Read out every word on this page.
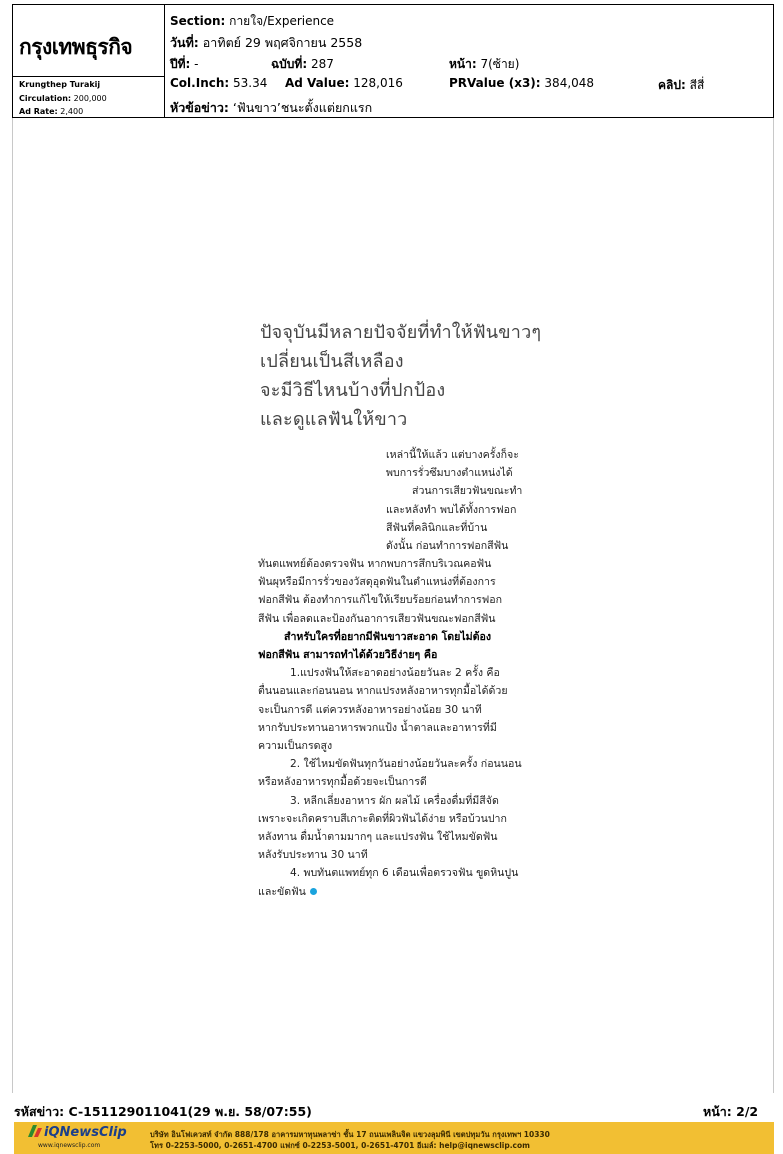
กรุงเทพธุรกิจ
Krungthep Turakij
Circulation: 200,000
Ad Rate: 2,400
Section: กายใจ/Experience
วันที่: อาทิตย์ 29 พฤศจิกายน 2558
ปีที่: -	ฉบับที่: 287	หน้า: 7(ซ้าย)
Col.Inch: 53.34 Ad Value: 128,016	PRValue (x3): 384,048	คลิป: สีสี่
หัวข้อข่าว: ‘ฟันขาว’ชนะตั้งแต่ยกแรก
ปัจจุบันมีหลายปัจจัยที่ทำให้ฟันขาวๆ
เปลี่ยนเป็นสีเหลือง
จะมีวิธีไหนบ้างที่ปกป้อง
และดูแลฟันให้ขาว
เหล่านี้ให้แล้ว แต่บางครั้งก็จะ
พบการรั่วซึมบางตำแหน่งได้
ส่วนการเสียวฟันขณะทำ
และหลังทำ พบได้ทั้งการฟอก
สีฟันที่คลินิกและที่บ้าน
ดังนั้น ก่อนทำการฟอกสีฟัน
ทันตแพทย์ต้องตรวจฟัน หากพบการสึกบริเวณคอฟัน
ฟันผุหรือมีการรั่วของวัสดุอุดฟันในตำแหน่งที่ต้องการ
ฟอกสีฟัน ต้องทำการแก้ไขให้เรียบร้อยก่อนทำการฟอก
สีฟัน เพื่อลดและป้องกันอาการเสียวฟันขณะฟอกสีฟัน
สำหรับใครที่อยากมีฟันขาวสะอาด โดยไม่ต้อง
ฟอกสีฟัน สามารถทำได้ด้วยวิธีง่ายๆ คือ
1.แปรงฟันให้สะอาดอย่างน้อยวันละ 2 ครั้ง คือ
ตื่นนอนและก่อนนอน หากแปรงหลังอาหารทุกมื้อได้ด้วย
จะเป็นการดี แต่ควรหลังอาหารอย่างน้อย 30 นาที
หากรับประทานอาหารพวกแป้ง น้ำตาลและอาหารที่มี
ความเป็นกรดสูง
2. ใช้ไหมขัดฟันทุกวันอย่างน้อยวันละครั้ง ก่อนนอน
หรือหลังอาหารทุกมื้อด้วยจะเป็นการดี
3. หลีกเลี่ยงอาหาร ผัก ผลไม้ เครื่องดื่มที่มีสีจัด
เพราะจะเกิดคราบสีเกาะติดที่ผิวฟันได้ง่าย หรือบ้วนปาก
หลังทาน ดื่มน้ำตามมากๆ และแปรงฟัน ใช้ไหมขัดฟัน
หลังรับประทาน 30 นาที
4. พบทันตแพทย์ทุก 6 เดือนเพื่อตรวจฟัน ขูดหินปูน
และขัดฟัน
รหัสข่าว: C-151129011041(29 พ.ย. 58/07:55)	หน้า: 2/2
iQNewsClip
www.iqnewsclip.com
บริษัท อินโฟเควสท์ จำกัด 888/178 อาคารมหาทุนพลาซ่า ชั้น 17 ถนนเพลินจิต แขวงลุมพินี เขตปทุมวัน กรุงเทพฯ 10330
โทร 0-2253-5000, 0-2651-4700 แฟกซ์ 0-2253-5001, 0-2651-4701 อีเมล์: help@iqnewsclip.com
